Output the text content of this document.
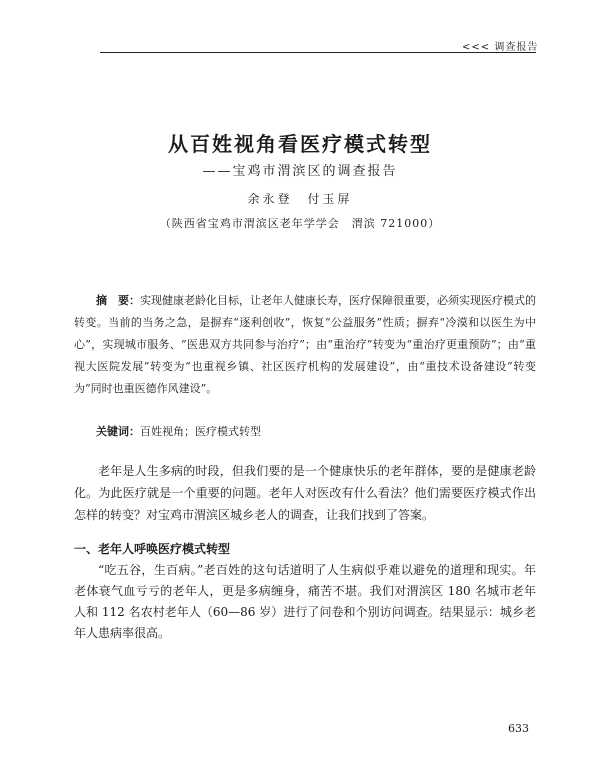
<<< 调查报告
从百姓视角看医疗模式转型
——宝鸡市渭滨区的调查报告
余永登　付玉屏
（陕西省宝鸡市渭滨区老年学学会　渭滨 721000）
摘　要：实现健康老龄化目标，让老年人健康长寿，医疗保障很重要，必须实现医疗模式的转变。当前的当务之急，是摒弃“逐利创收”，恢复“公益服务”性质；摒弃“冷漠和以医生为中心”，实现城市服务、“医患双方共同参与治疗”；由“重治疗”转变为“重治疗更重预防”；由“重视大医院发展”转变为“也重视乡镇、社区医疗机构的发展建设”，由“重技术设备建设”转变为“同时也重医德作风建设”。
关键词：百姓视角；医疗模式转型
老年是人生多病的时段，但我们要的是一个健康快乐的老年群体，要的是健康老龄化。为此医疗就是一个重要的问题。老年人对医改有什么看法？他们需要医疗模式作出怎样的转变？对宝鸡市渭滨区城乡老人的调查，让我们找到了答案。
一、老年人呼唤医疗模式转型
“吃五谷，生百病。”老百姓的这句话道明了人生病似乎难以避免的道理和现实。年老体衰气血亏亏的老年人，更是多病缠身，痛苦不堪。我们对渭滨区 180 名城市老年人和 112 名农村老年人（60—86 岁）进行了问卷和个别访问调查。结果显示：城乡老年人患病率很高。
633
